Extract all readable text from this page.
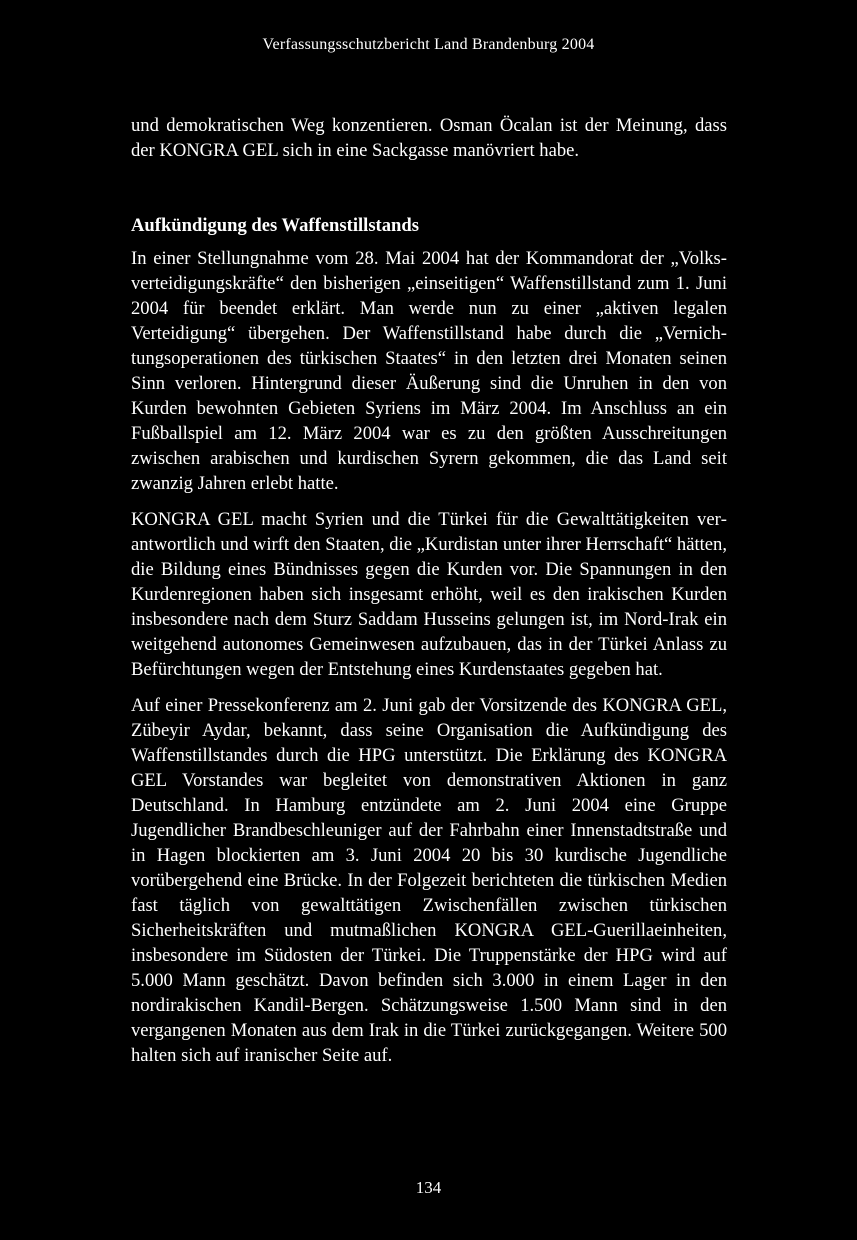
Verfassungsschutzbericht Land Brandenburg 2004

und demokratischen Weg konzentieren. Osman Öcalan ist der Meinung, dass der KONGRA GEL sich in eine Sackgasse manövriert habe.

Aufkündigung des Waffenstillstands

In einer Stellungnahme vom 28. Mai 2004 hat der Kommandorat der „Volksverteidigungskräfte“ den bisherigen „einseitigen“ Waffenstillstand zum 1. Juni 2004 für beendet erklärt. Man werde nun zu einer „aktiven legalen Verteidigung“ übergehen. Der Waffenstillstand habe durch die „Vernichtungsoperationen des türkischen Staates“ in den letzten drei Monaten seinen Sinn verloren. Hintergrund dieser Äußerung sind die Unruhen in den von Kurden bewohnten Gebieten Syriens im März 2004. Im Anschluss an ein Fußballspiel am 12. März 2004 war es zu den größten Ausschreitungen zwischen arabischen und kurdischen Syrern gekommen, die das Land seit zwanzig Jahren erlebt hatte.

KONGRA GEL macht Syrien und die Türkei für die Gewalttätigkeiten verantwortlich und wirft den Staaten, die „Kurdistan unter ihrer Herrschaft“ hätten, die Bildung eines Bündnisses gegen die Kurden vor. Die Spannungen in den Kurdenregionen haben sich insgesamt erhöht, weil es den irakischen Kurden insbesondere nach dem Sturz Saddam Husseins gelungen ist, im Nord-Irak ein weitgehend autonomes Gemeinwesen aufzubauen, das in der Türkei Anlass zu Befürchtungen wegen der Entstehung eines Kurdenstaates gegeben hat.

Auf einer Pressekonferenz am 2. Juni gab der Vorsitzende des KONGRA GEL, Zübeyir Aydar, bekannt, dass seine Organisation die Aufkündigung des Waffenstillstandes durch die HPG unterstützt. Die Erklärung des KONGRA GEL Vorstandes war begleitet von demonstrativen Aktionen in ganz Deutschland. In Hamburg entzündete am 2. Juni 2004 eine Gruppe Jugendlicher Brandbeschleuniger auf der Fahrbahn einer Innenstadtstraße und in Hagen blockierten am 3. Juni 2004 20 bis 30 kurdische Jugendliche vorübergehend eine Brücke. In der Folgezeit berichteten die türkischen Medien fast täglich von gewalttätigen Zwischenfällen zwischen türkischen Sicherheitskräften und mutmaßlichen KONGRA GEL-Guerillaeinheiten, insbesondere im Südosten der Türkei. Die Truppenstärke der HPG wird auf 5.000 Mann geschätzt. Davon befinden sich 3.000 in einem Lager in den nordirakischen Kandil-Bergen. Schätzungsweise 1.500 Mann sind in den vergangenen Monaten aus dem Irak in die Türkei zurückgegangen. Weitere 500 halten sich auf iranischer Seite auf.

134
